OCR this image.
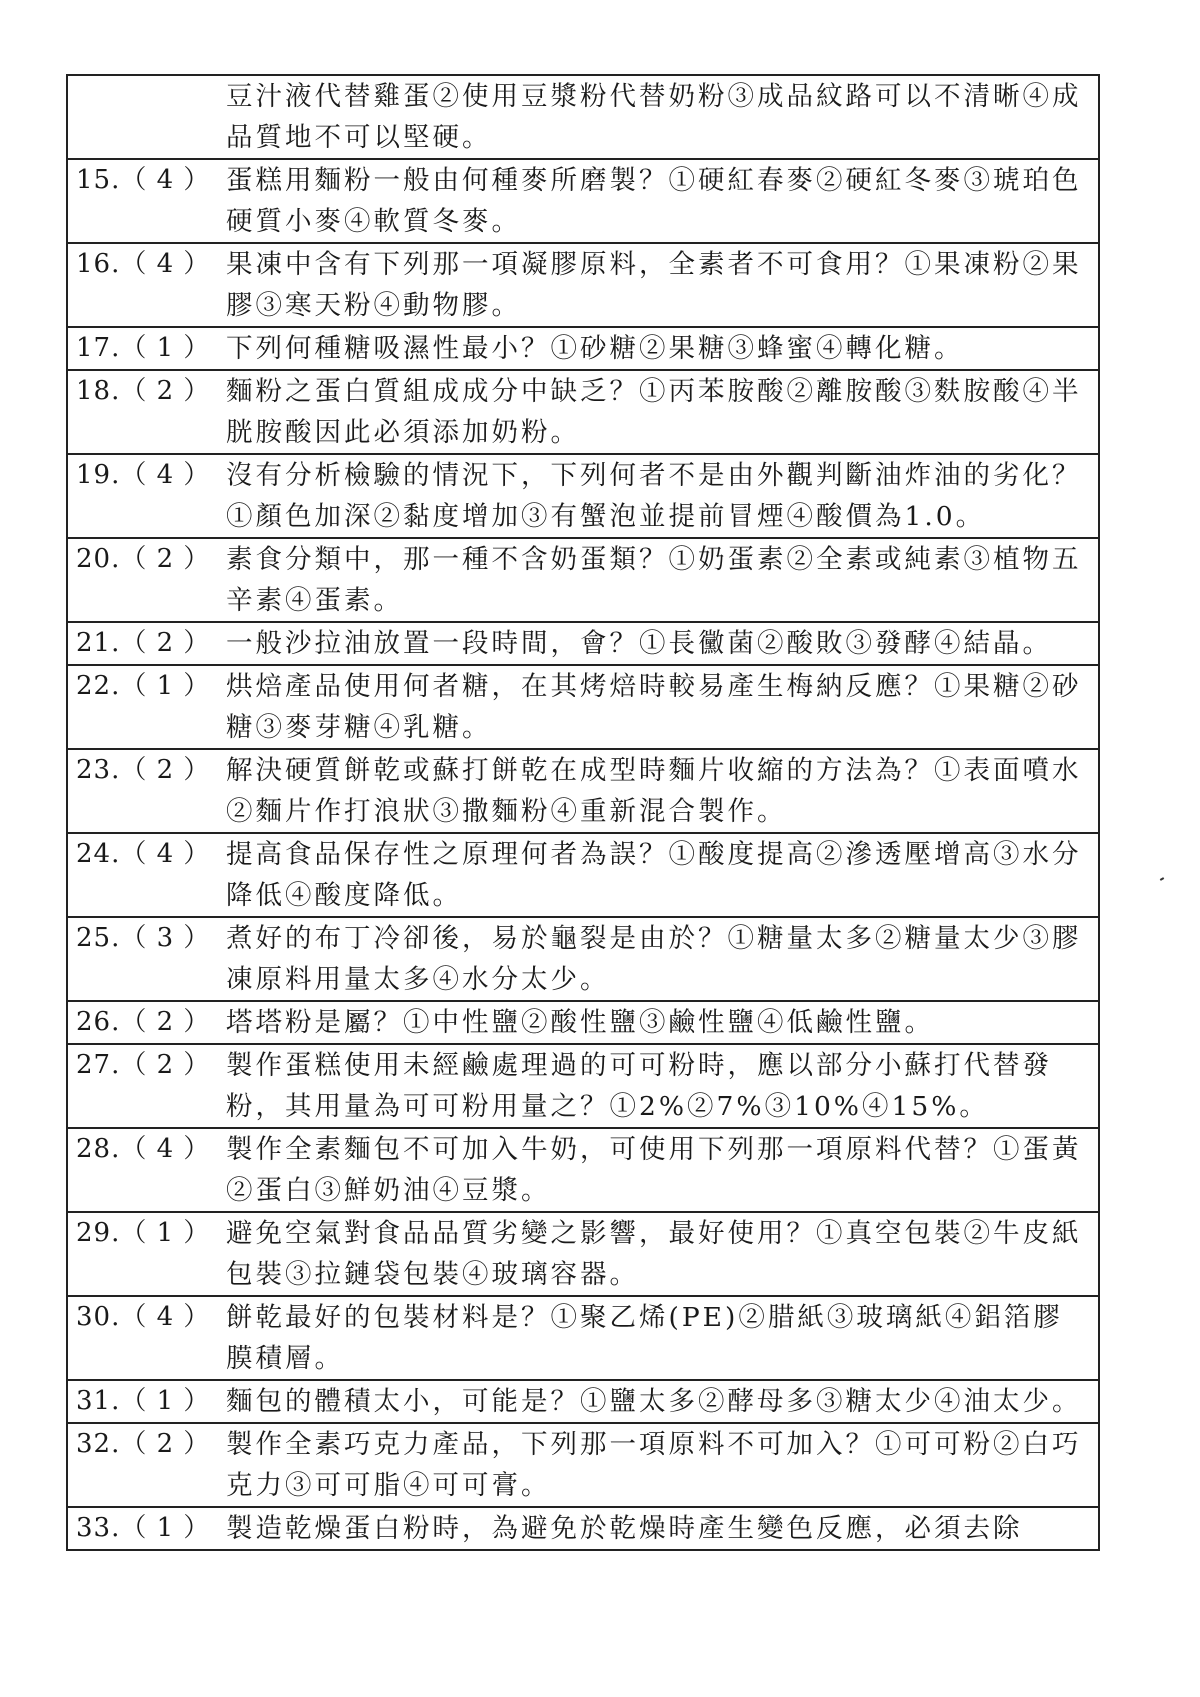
豆汁液代替雞蛋②使用豆漿粉代替奶粉③成品紋路可以不清晰④成品質地不可以堅硬。
15.（ 4 ） 蛋糕用麵粉一般由何種麥所磨製？①硬紅春麥②硬紅冬麥③琥珀色硬質小麥④軟質冬麥。
16.（ 4 ） 果凍中含有下列那一項凝膠原料，全素者不可食用？①果凍粉②果膠③寒天粉④動物膠。
17.（ 1 ） 下列何種糖吸濕性最小？①砂糖②果糖③蜂蜜④轉化糖。
18.（ 2 ） 麵粉之蛋白質組成成分中缺乏？①丙苯胺酸②離胺酸③麩胺酸④半胱胺酸因此必須添加奶粉。
19.（ 4 ） 沒有分析檢驗的情況下，下列何者不是由外觀判斷油炸油的劣化？①顏色加深②黏度增加③有蟹泡並提前冒煙④酸價為1.0。
20.（ 2 ） 素食分類中，那一種不含奶蛋類？①奶蛋素②全素或純素③植物五辛素④蛋素。
21.（ 2 ） 一般沙拉油放置一段時間，會？①長黴菌②酸敗③發酵④結晶。
22.（ 1 ） 烘焙產品使用何者糖，在其烤焙時較易產生梅納反應？①果糖②砂糖③麥芽糖④乳糖。
23.（ 2 ） 解決硬質餅乾或蘇打餅乾在成型時麵片收縮的方法為？①表面噴水②麵片作打浪狀③撒麵粉④重新混合製作。
24.（ 4 ） 提高食品保存性之原理何者為誤？①酸度提高②滲透壓增高③水分降低④酸度降低。
25.（ 3 ） 煮好的布丁冷卻後，易於龜裂是由於？①糖量太多②糖量太少③膠凍原料用量太多④水分太少。
26.（ 2 ） 塔塔粉是屬？①中性鹽②酸性鹽③鹼性鹽④低鹼性鹽。
27.（ 2 ） 製作蛋糕使用未經鹼處理過的可可粉時，應以部分小蘇打代替發粉，其用量為可可粉用量之？①2%②7%③10%④15%。
28.（ 4 ） 製作全素麵包不可加入牛奶，可使用下列那一項原料代替？①蛋黃②蛋白③鮮奶油④豆漿。
29.（ 1 ） 避免空氣對食品品質劣變之影響，最好使用？①真空包裝②牛皮紙包裝③拉鏈袋包裝④玻璃容器。
30.（ 4 ） 餅乾最好的包裝材料是？①聚乙烯(PE)②腊紙③玻璃紙④鋁箔膠膜積層。
31.（ 1 ） 麵包的體積太小，可能是？①鹽太多②酵母多③糖太少④油太少。
32.（ 2 ） 製作全素巧克力產品，下列那一項原料不可加入？①可可粉②白巧克力③可可脂④可可膏。
33.（ 1 ） 製造乾燥蛋白粉時，為避免於乾燥時產生變色反應，必須去除
